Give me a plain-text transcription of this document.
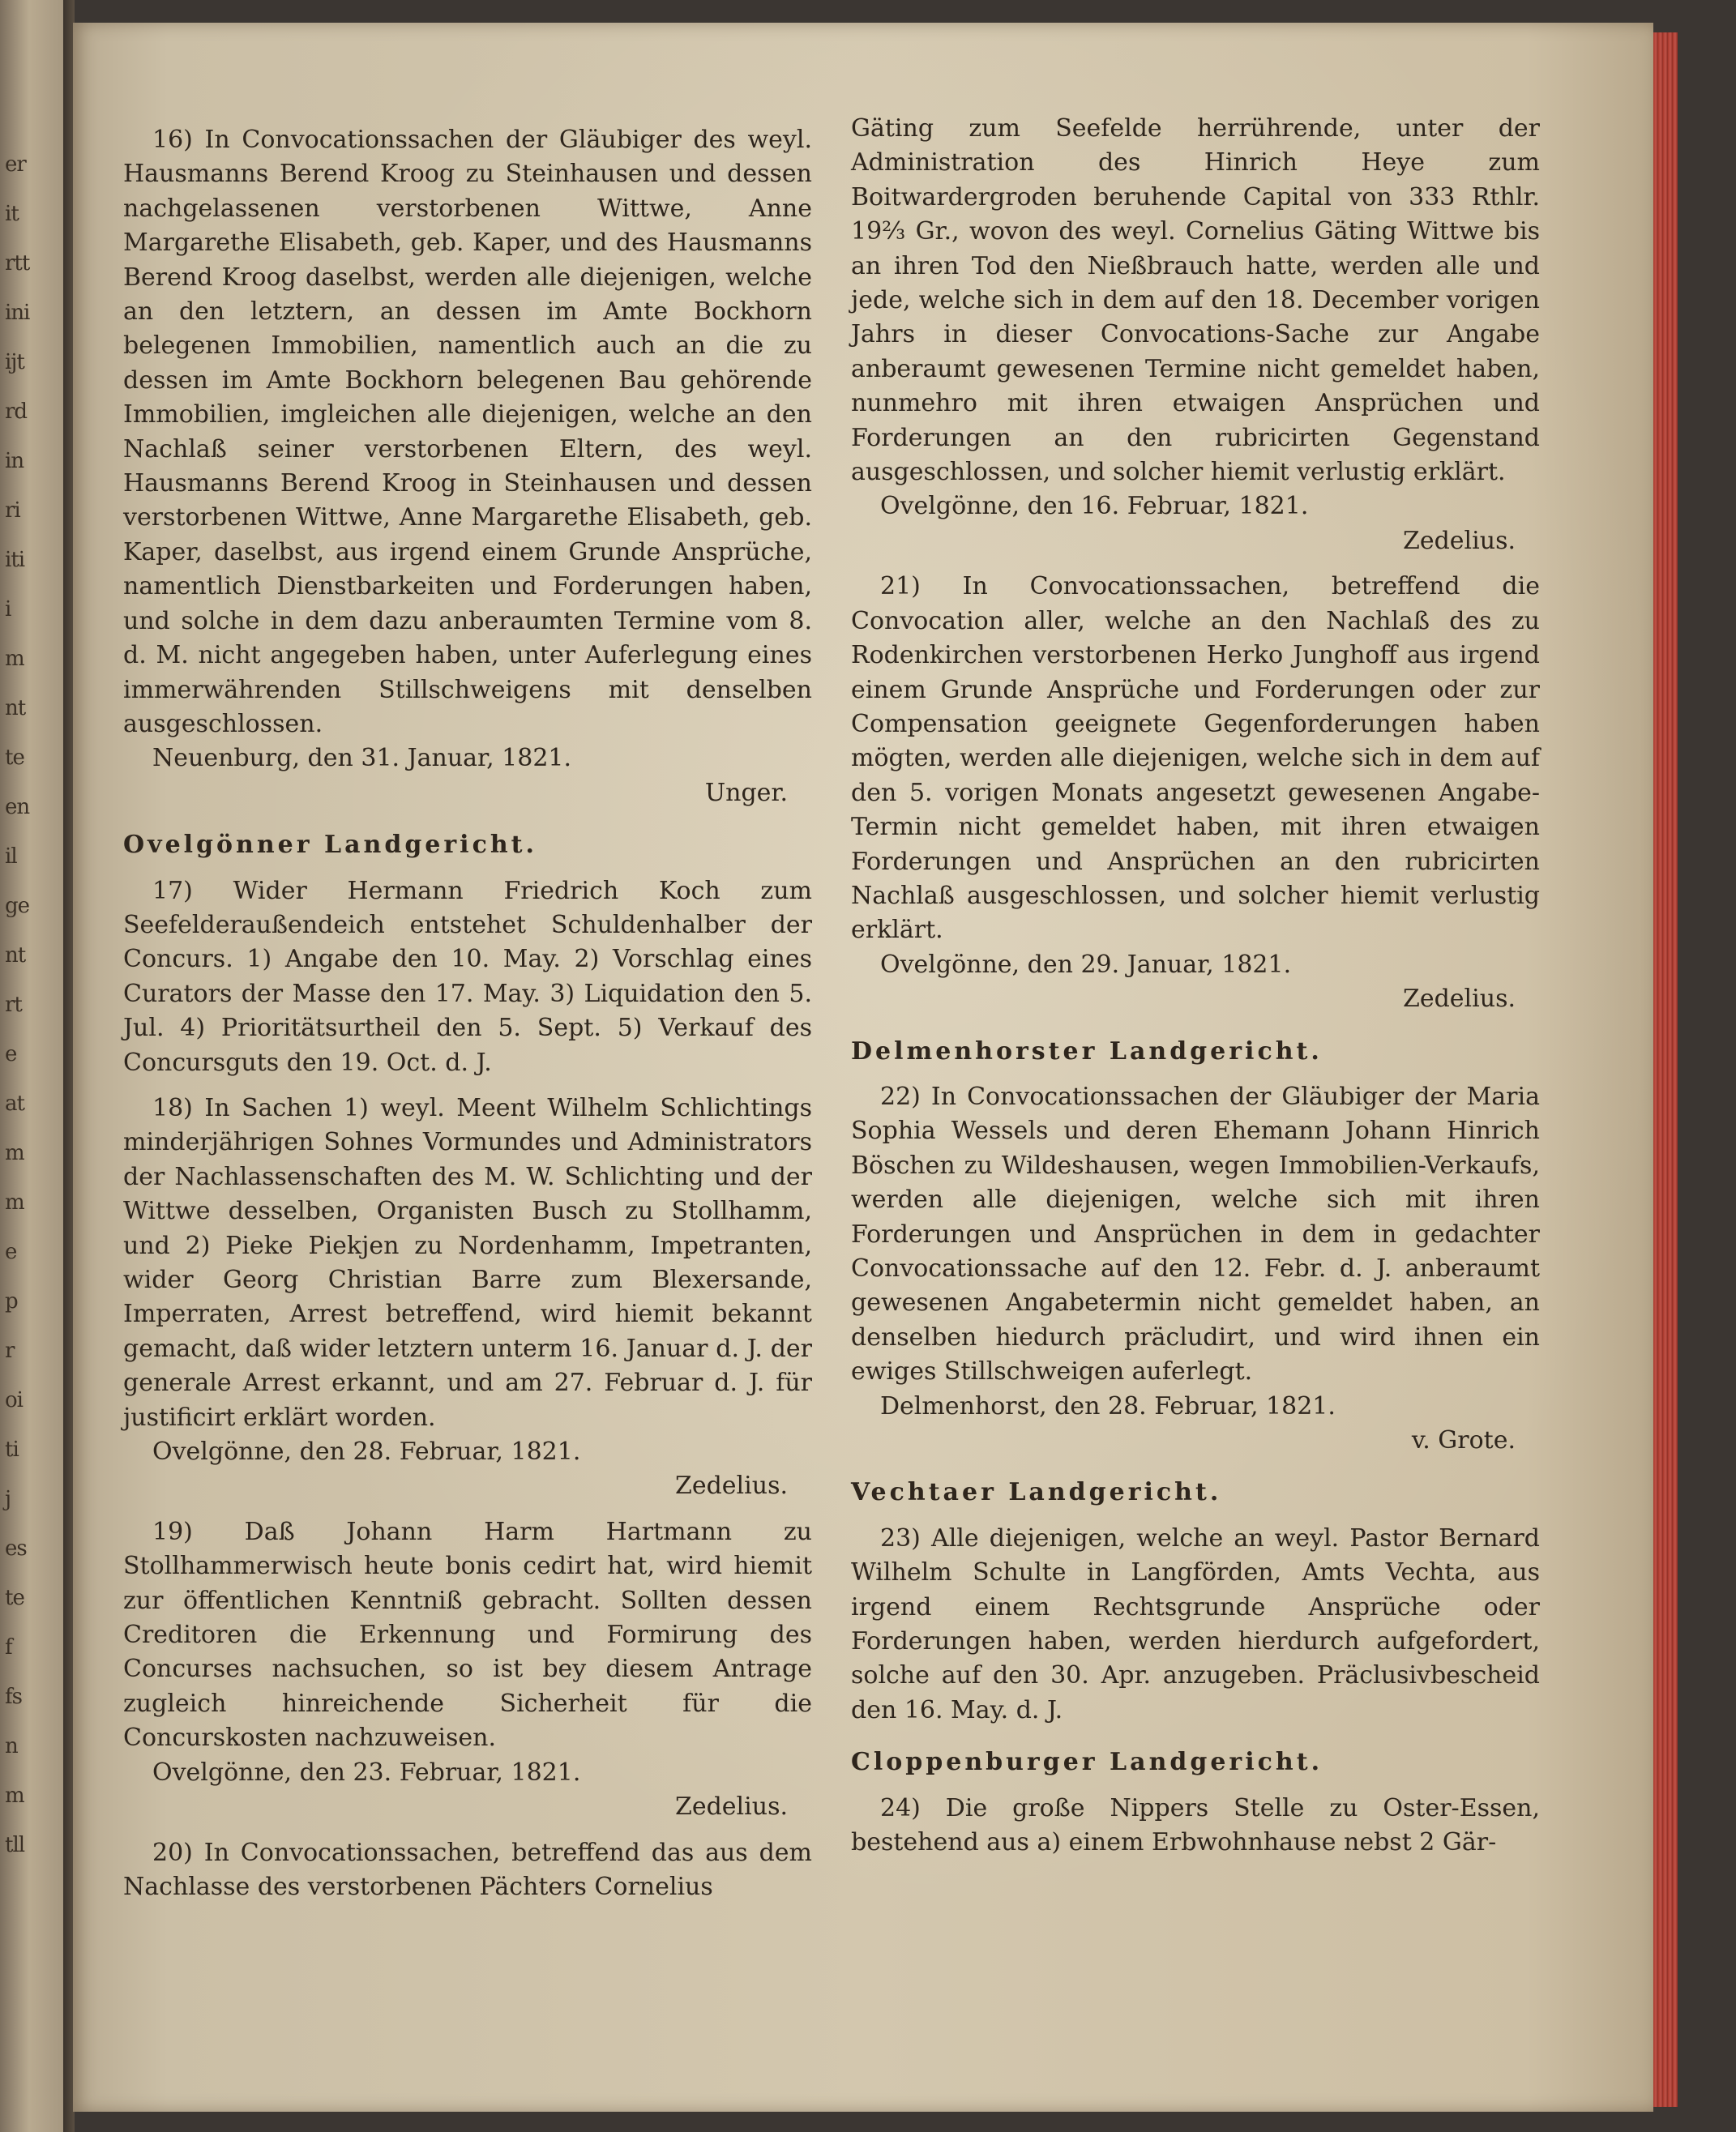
er
it
rtt
ini
ijt
rd
in
ri
iti
i
m
nt
te
en
il
ge
nt
rt
e
at
m
m
e
p
r
oi
ti
j
es
te
f
fs
n
m
tll

16) In Convocationssachen der Gläubiger des weyl. Hausmanns Berend Kroog zu Steinhausen und dessen nachgelassenen verstorbenen Wittwe, Anne Margarethe Elisabeth, geb. Kaper, und des Hausmanns Berend Kroog daselbst, werden alle diejenigen, welche an den letztern, an dessen im Amte Bockhorn belegenen Immobilien, namentlich auch an die zu dessen im Amte Bockhorn belegenen Bau gehörende Immobilien, imgleichen alle diejenigen, welche an den Nachlaß seiner verstorbenen Eltern, des weyl. Hausmanns Berend Kroog in Steinhausen und dessen verstorbenen Wittwe, Anne Margarethe Elisabeth, geb. Kaper, daselbst, aus irgend einem Grunde Ansprüche, namentlich Dienstbarkeiten und Forderungen haben, und solche in dem dazu anberaumten Termine vom 8. d. M. nicht angegeben haben, unter Auferlegung eines immerwährenden Stillschweigens mit denselben ausgeschlossen.

Neuenburg, den 31. Januar, 1821.

Unger.

Ovelgönner Landgericht.

17) Wider Hermann Friedrich Koch zum Seefelderaußendeich entstehet Schuldenhalber der Concurs. 1) Angabe den 10. May. 2) Vorschlag eines Curators der Masse den 17. May. 3) Liquidation den 5. Jul. 4) Prioritätsurtheil den 5. Sept. 5) Verkauf des Concursguts den 19. Oct. d. J.

18) In Sachen 1) weyl. Meent Wilhelm Schlichtings minderjährigen Sohnes Vormundes und Administrators der Nachlassenschaften des M. W. Schlichting und der Wittwe desselben, Organisten Busch zu Stollhamm, und 2) Pieke Piekjen zu Nordenhamm, Impetranten, wider Georg Christian Barre zum Blexersande, Imperraten, Arrest betreffend, wird hiemit bekannt gemacht, daß wider letztern unterm 16. Januar d. J. der generale Arrest erkannt, und am 27. Februar d. J. für justificirt erklärt worden.

Ovelgönne, den 28. Februar, 1821.

Zedelius.

19) Daß Johann Harm Hartmann zu Stollhammerwisch heute bonis cedirt hat, wird hiemit zur öffentlichen Kenntniß gebracht. Sollten dessen Creditoren die Erkennung und Formirung des Concurses nachsuchen, so ist bey diesem Antrage zugleich hinreichende Sicherheit für die Concurskosten nachzuweisen.

Ovelgönne, den 23. Februar, 1821.

Zedelius.

20) In Convocationssachen, betreffend das aus dem Nachlasse des verstorbenen Pächters Cornelius

Gäting zum Seefelde herrührende, unter der Administration des Hinrich Heye zum Boitwardergroden beruhende Capital von 333 Rthlr. 19⅔ Gr., wovon des weyl. Cornelius Gäting Wittwe bis an ihren Tod den Nießbrauch hatte, werden alle und jede, welche sich in dem auf den 18. December vorigen Jahrs in dieser Convocations-Sache zur Angabe anberaumt gewesenen Termine nicht gemeldet haben, nunmehro mit ihren etwaigen Ansprüchen und Forderungen an den rubricirten Gegenstand ausgeschlossen, und solcher hiemit verlustig erklärt.

Ovelgönne, den 16. Februar, 1821.

Zedelius.

21) In Convocationssachen, betreffend die Convocation aller, welche an den Nachlaß des zu Rodenkirchen verstorbenen Herko Junghoff aus irgend einem Grunde Ansprüche und Forderungen oder zur Compensation geeignete Gegenforderungen haben mögten, werden alle diejenigen, welche sich in dem auf den 5. vorigen Monats angesetzt gewesenen Angabe-Termin nicht gemeldet haben, mit ihren etwaigen Forderungen und Ansprüchen an den rubricirten Nachlaß ausgeschlossen, und solcher hiemit verlustig erklärt.

Ovelgönne, den 29. Januar, 1821.

Zedelius.

Delmenhorster Landgericht.

22) In Convocationssachen der Gläubiger der Maria Sophia Wessels und deren Ehemann Johann Hinrich Böschen zu Wildeshausen, wegen Immobilien-Verkaufs, werden alle diejenigen, welche sich mit ihren Forderungen und Ansprüchen in dem in gedachter Convocationssache auf den 12. Febr. d. J. anberaumt gewesenen Angabetermin nicht gemeldet haben, an denselben hiedurch präcludirt, und wird ihnen ein ewiges Stillschweigen auferlegt.

Delmenhorst, den 28. Februar, 1821.

v. Grote.

Vechtaer Landgericht.

23) Alle diejenigen, welche an weyl. Pastor Bernard Wilhelm Schulte in Langförden, Amts Vechta, aus irgend einem Rechtsgrunde Ansprüche oder Forderungen haben, werden hierdurch aufgefordert, solche auf den 30. Apr. anzugeben. Präclusivbescheid den 16. May. d. J.

Cloppenburger Landgericht.

24) Die große Nippers Stelle zu Oster-Essen, bestehend aus a) einem Erbwohnhause nebst 2 Gär-
